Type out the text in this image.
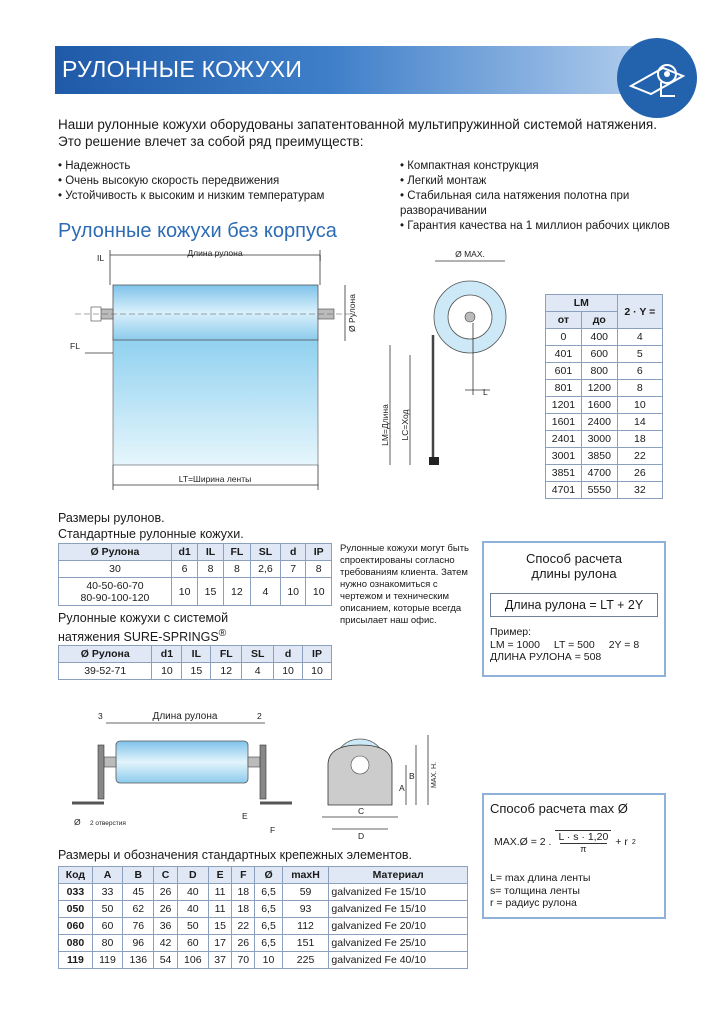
РУЛОННЫЕ КОЖУХИ
Наши рулонные кожухи оборудованы запатентованной мультипружинной системой натяжения. Это решение влечет за собой ряд преимуществ:
• Надежность
• Очень высокую скорость передвижения
• Устойчивость к высоким и низким температурам
• Компактная конструкция
• Легкий монтаж
• Стабильная сила натяжения полотна при разворачивании
• Гарантия качества на 1 миллион рабочих циклов
Рулонные кожухи без корпуса
Длина рулона
IL	I
FL
LT=Ширина ленты
Ø Рулона
Ø MAX.
LM=Длина LC=Ход
L
LM		2 · Y =
от	до	
0	400	4
401	600	5
601	800	6
801	1200	8
1201	1600	10
1601	2400	14
2401	3000	18
3001	3850	22
3851	4700	26
4701	5550	32
Размеры рулонов.
Стандартные рулонные кожухи.
Ø Рулона	d1	IL	FL	SL	d	IP
30	6	8	8	2,6	7	8

40-50-60-70
80-90-100-120	10	15	12	4	10	10
Рулонные кожухи с системой
натяжения SURE-SPRINGS®
Ø Рулона	d1	IL	FL	SL	d	IP
39-52-71	10	15	12	4	10	10
Рулонные кожухи могут быть спроектированы согласно требованиям клиента. Затем нужно ознакомиться с чертежом и техническим описанием, которые всегда присылает наш офис.
Способ расчета
длины рулона
Длина рулона = LT + 2Y
Пример:
LM = 1000 LT = 500 2Y = 8
ДЛИНА РУЛОНА = 508
Длина рулона
3	2
Ø 2 отверстия
E
F
C
D
A
B MAX. H.
Способ расчета max Ø
MAX.Ø = 2 . L · s · 1,20
π
+ r 2
L= max длина ленты
s= толщина ленты
r = радиус рулона
Размеры и обозначения стандартных крепежных элементов.
Код	A	B	C	D	E	F	Ø	maxH	Материал
033	33	45	26	40	11	18	6,5	59	galvanized Fe 15/10
050	50	62	26	40	11	18	6,5	93	galvanized Fe 15/10
060	60	76	36	50	15	22	6,5	112	galvanized Fe 20/10
080	80	96	42	60	17	26	6,5	151	galvanized Fe 25/10
119	119	136	54	106	37	70	10	225	galvanized Fe 40/10
